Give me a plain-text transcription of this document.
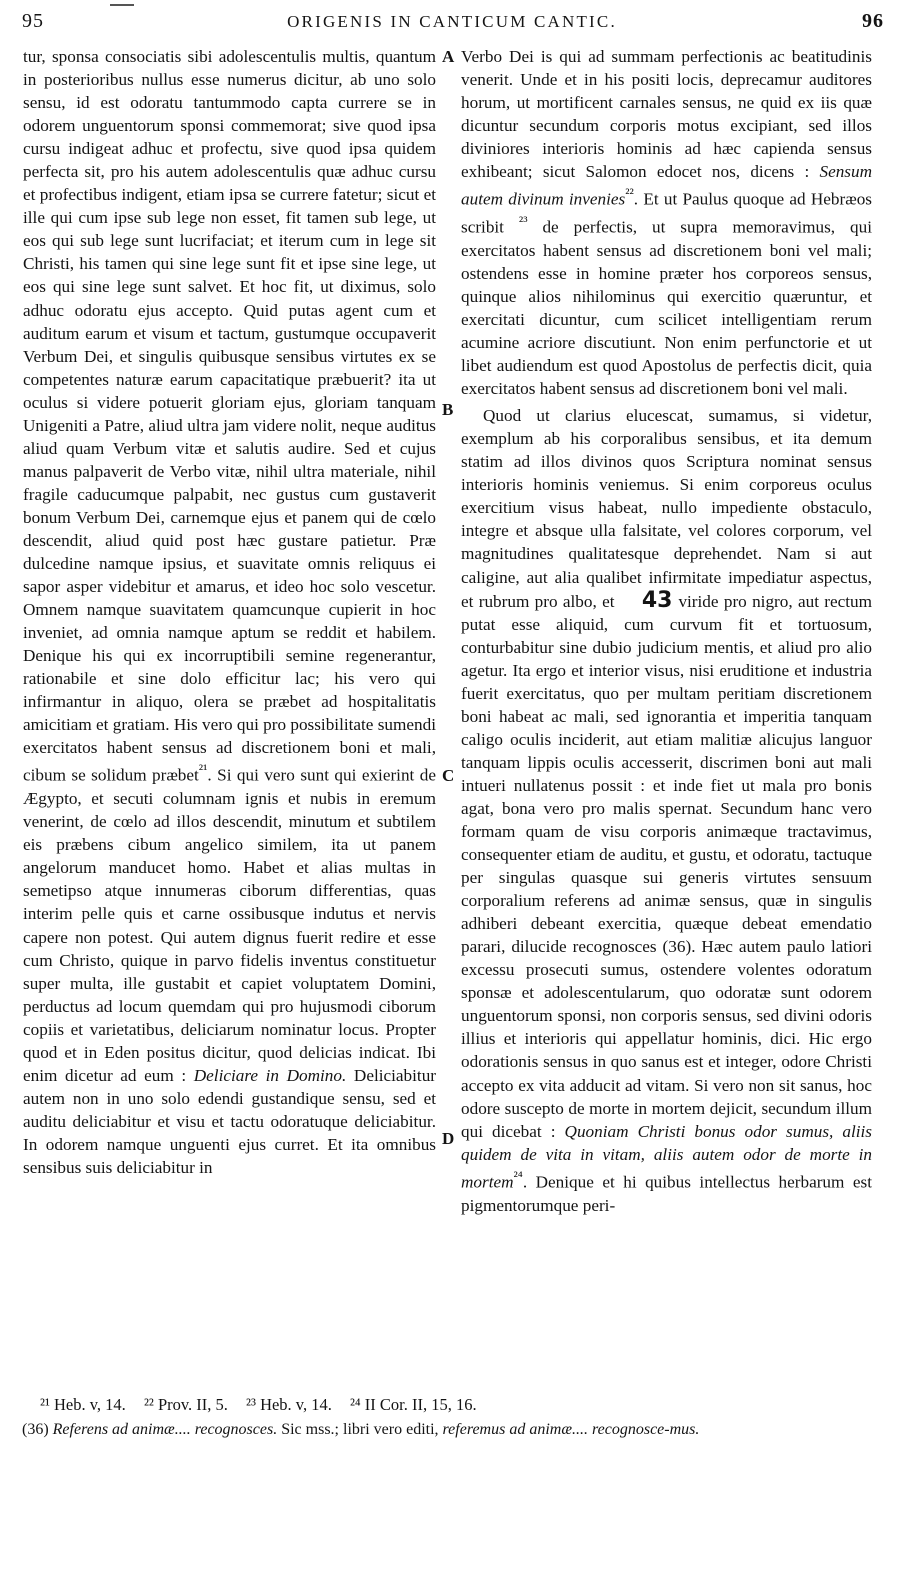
95	ORIGENIS IN CANTICUM CANTIC.	96
A
B
C
D

tur, sponsa consociatis sibi adolescentulis multis, quantum in posterioribus nullus esse numerus dicitur, ab uno solo sensu, id est odoratu tantummodo capta currere se in odorem unguentorum sponsi commemorat; sive quod ipsa cursu indigeat adhuc et profectu, sive quod ipsa quidem perfecta sit, pro his autem adolescentulis quæ adhuc cursu et profectibus indigent, etiam ipsa se currere fatetur; sicut et ille qui cum ipse sub lege non esset, fit tamen sub lege, ut eos qui sub lege sunt lucrifaciat; et iterum cum in lege sit Christi, his tamen qui sine lege sunt fit et ipse sine lege, ut eos qui sine lege sunt salvet. Et hoc fit, ut diximus, solo adhuc odoratu ejus accepto. Quid putas agent cum et auditum earum et visum et tactum, gustumque occupaverit Verbum Dei, et singulis quibusque sensibus virtutes ex se competentes naturæ earum capacitatique præbuerit? ita ut oculus si videre potuerit gloriam ejus, gloriam tanquam Unigeniti a Patre, aliud ultra jam videre nolit, neque auditus aliud quam Verbum vitæ et salutis audire. Sed et cujus manus palpaverit de Verbo vitæ, nihil ultra materiale, nihil fragile caducumque palpabit, nec gustus cum gustaverit bonum Verbum Dei, carnemque ejus et panem qui de cœlo descendit, aliud quid post hæc gustare patietur. Præ dulcedine namque ipsius, et suavitate omnis reliquus ei sapor asper videbitur et amarus, et ideo hoc solo vescetur. Omnem namque suavitatem quamcunque cupierit in hoc inveniet, ad omnia namque aptum se reddit et habilem. Denique his qui ex incorruptibili semine regenerantur, rationabile et sine dolo efficitur lac; his vero qui infirmantur in aliquo, olera se præbet ad hospitalitatis amicitiam et gratiam. His vero qui pro possibilitate sumendi exercitatos habent sensus ad discretionem boni et mali, cibum se solidum præbet$^{^{21}}$. Si qui vero sunt qui exierint de Ægypto, et secuti columnam ignis et nubis in eremum venerint, de cœlo ad illos descendit, minutum et subtilem eis præbens cibum angelico similem, ita ut panem angelorum manducet homo. Habet et alias multas in semetipso atque innumeras ciborum differentias, quas interim pelle quis et carne ossibusque indutus et nervis capere non potest. Qui autem dignus fuerit redire et esse cum Christo, quique in parvo fidelis inventus constituetur super multa, ille gustabit et capiet voluptatem Domini, perductus ad locum quemdam qui pro hujusmodi ciborum copiis et varietatibus, deliciarum nominatur locus. Propter quod et in Eden positus dicitur, quod delicias indicat. Ibi enim dicetur ad eum : Deliciare in Domino. Deliciabitur autem non in uno solo edendi gustandique sensu, sed et auditu deliciabitur et visu et tactu odoratuque deliciabitur. In odorem namque unguenti ejus curret. Et ita omnibus sensibus suis deliciabitur in

Verbo Dei is qui ad summam perfectionis ac beatitudinis venerit. Unde et in his positi locis, deprecamur auditores horum, ut mortificent carnales sensus, ne quid ex iis quæ dicuntur secundum corporis motus excipiant, sed illos diviniores interioris hominis ad hæc capienda sensus exhibeant; sicut Salomon edocet nos, dicens : Sensum autem divinum invenies$^{^{22}}$. Et ut Paulus quoque ad Hebræos scribit $^{^{23}}$ de perfectis, ut supra memoravimus, qui exercitatos habent sensus ad discretionem boni vel mali; ostendens esse in homine præter hos corporeos sensus, quinque alios nihilominus qui exercitio quæruntur, et exercitati dicuntur, cum scilicet intelligentiam rerum acumine acriore discutiunt. Non enim perfunctorie et ut libet audiendum est quod Apostolus de perfectis dicit, quia exercitatos habent sensus ad discretionem boni vel mali.

Quod ut clarius elucescat, sumamus, si videtur, exemplum ab his corporalibus sensibus, et ita demum statim ad illos divinos quos Scriptura nominat sensus interioris hominis veniemus. Si enim corporeus oculus exercitium visus habeat, nullo impediente obstaculo, integre et absque ulla falsitate, vel colores corporum, vel magnitudines qualitatesque deprehendet. Nam si aut caligine, aut alia qualibet infirmitate impediatur aspectus, et rubrum pro albo, et 43 viride pro nigro, aut rectum putat esse aliquid, cum curvum fit et tortuosum, conturbabitur sine dubio judicium mentis, et aliud pro alio agetur. Ita ergo et interior visus, nisi eruditione et industria fuerit exercitatus, quo per multam peritiam discretionem boni habeat ac mali, sed ignorantia et imperitia tanquam caligo oculis inciderit, aut etiam malitiæ alicujus languor tanquam lippis oculis accesserit, discrimen boni aut mali intueri nullatenus possit : et inde fiet ut mala pro bonis agat, bona vero pro malis spernat. Secundum hanc vero formam quam de visu corporis animæque tractavimus, consequenter etiam de auditu, et gustu, et odoratu, tactuque per singulas quasque sui generis virtutes sensuum corporalium referens ad animæ sensus, quæ in singulis adhiberi debeant exercitia, quæque debeat emendatio parari, dilucide recognosces (36). Hæc autem paulo latiori excessu prosecuti sumus, ostendere volentes odoratum sponsæ et adolescentularum, quo odoratæ sunt odorem unguentorum sponsi, non corporis sensus, sed divini odoris illius et interioris qui appellatur hominis, dici. Hic ergo odorationis sensus in quo sanus est et integer, odore Christi accepto ex vita adducit ad vitam. Si vero non sit sanus, hoc odore suscepto de morte in mortem dejicit, secundum illum qui dicebat : Quoniam Christi bonus odor sumus, aliis quidem de vita in vitam, aliis autem odor de morte in mortem$^{^{24}}$. Denique et hi quibus intellectus herbarum est pigmentorumque peri-

²¹ Heb. v, 14. ²² Prov. II, 5. ²³ Heb. v, 14. ²⁴ II Cor. II, 15, 16.
(36) Referens ad animæ.... recognosces. Sic mss.; libri vero editi, referemus ad animæ.... recognosce-mus.
